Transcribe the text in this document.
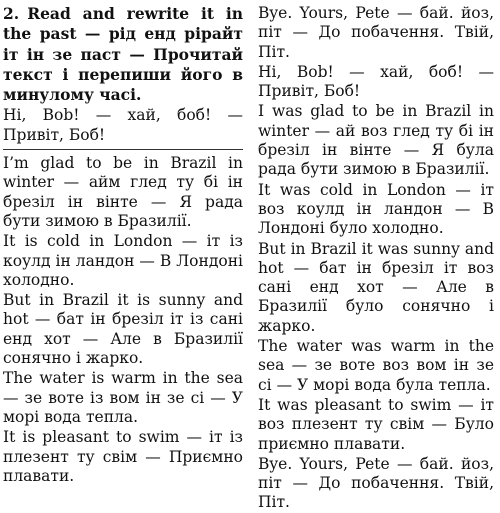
2. Read and rewrite it in the past — рід енд рірайт іт ін зе паст — Прочитай текст і перепиши його в минулому часі.

Hi, Bob! — хай, боб! — Привіт, Боб!

I’m glad to be in Brazil in winter — айм глед ту бі ін брезіл ін вінте — Я рада бути зимою в Бразилії.

It is cold in London — іт із коулд ін ландон — В Лондоні холодно.

But in Brazil it is sunny and hot — бат ін брезіл іт із сані енд хот — Але в Бразилії сонячно і жарко.

The water is warm in the sea — зе воте із вом ін зе сі — У морі вода тепла.

It is pleasant to swim — іт із плезент ту свім — Приємно плавати.

Bye. Yours, Pete — бай. йоз, піт — До побачення. Твій, Піт.

Hi, Bob! — хай, боб! — Привіт, Боб!

I was glad to be in Brazil in winter — ай воз глед ту бі ін брезіл ін вінте — Я була рада бути зимою в Бразилії.

It was cold in London — іт воз коулд ін ландон — В Лондоні було холодно.

But in Brazil it was sunny and hot — бат ін брезіл іт воз сані енд хот — Але в Бразилії було сонячно і жарко.

The water was warm in the sea — зе воте воз вом ін зе сі — У морі вода була тепла.

It was pleasant to swim — іт воз плезент ту свім — Було приємно плавати.

Bye. Yours, Pete — бай. йоз, піт — До побачення. Твій, Піт.
